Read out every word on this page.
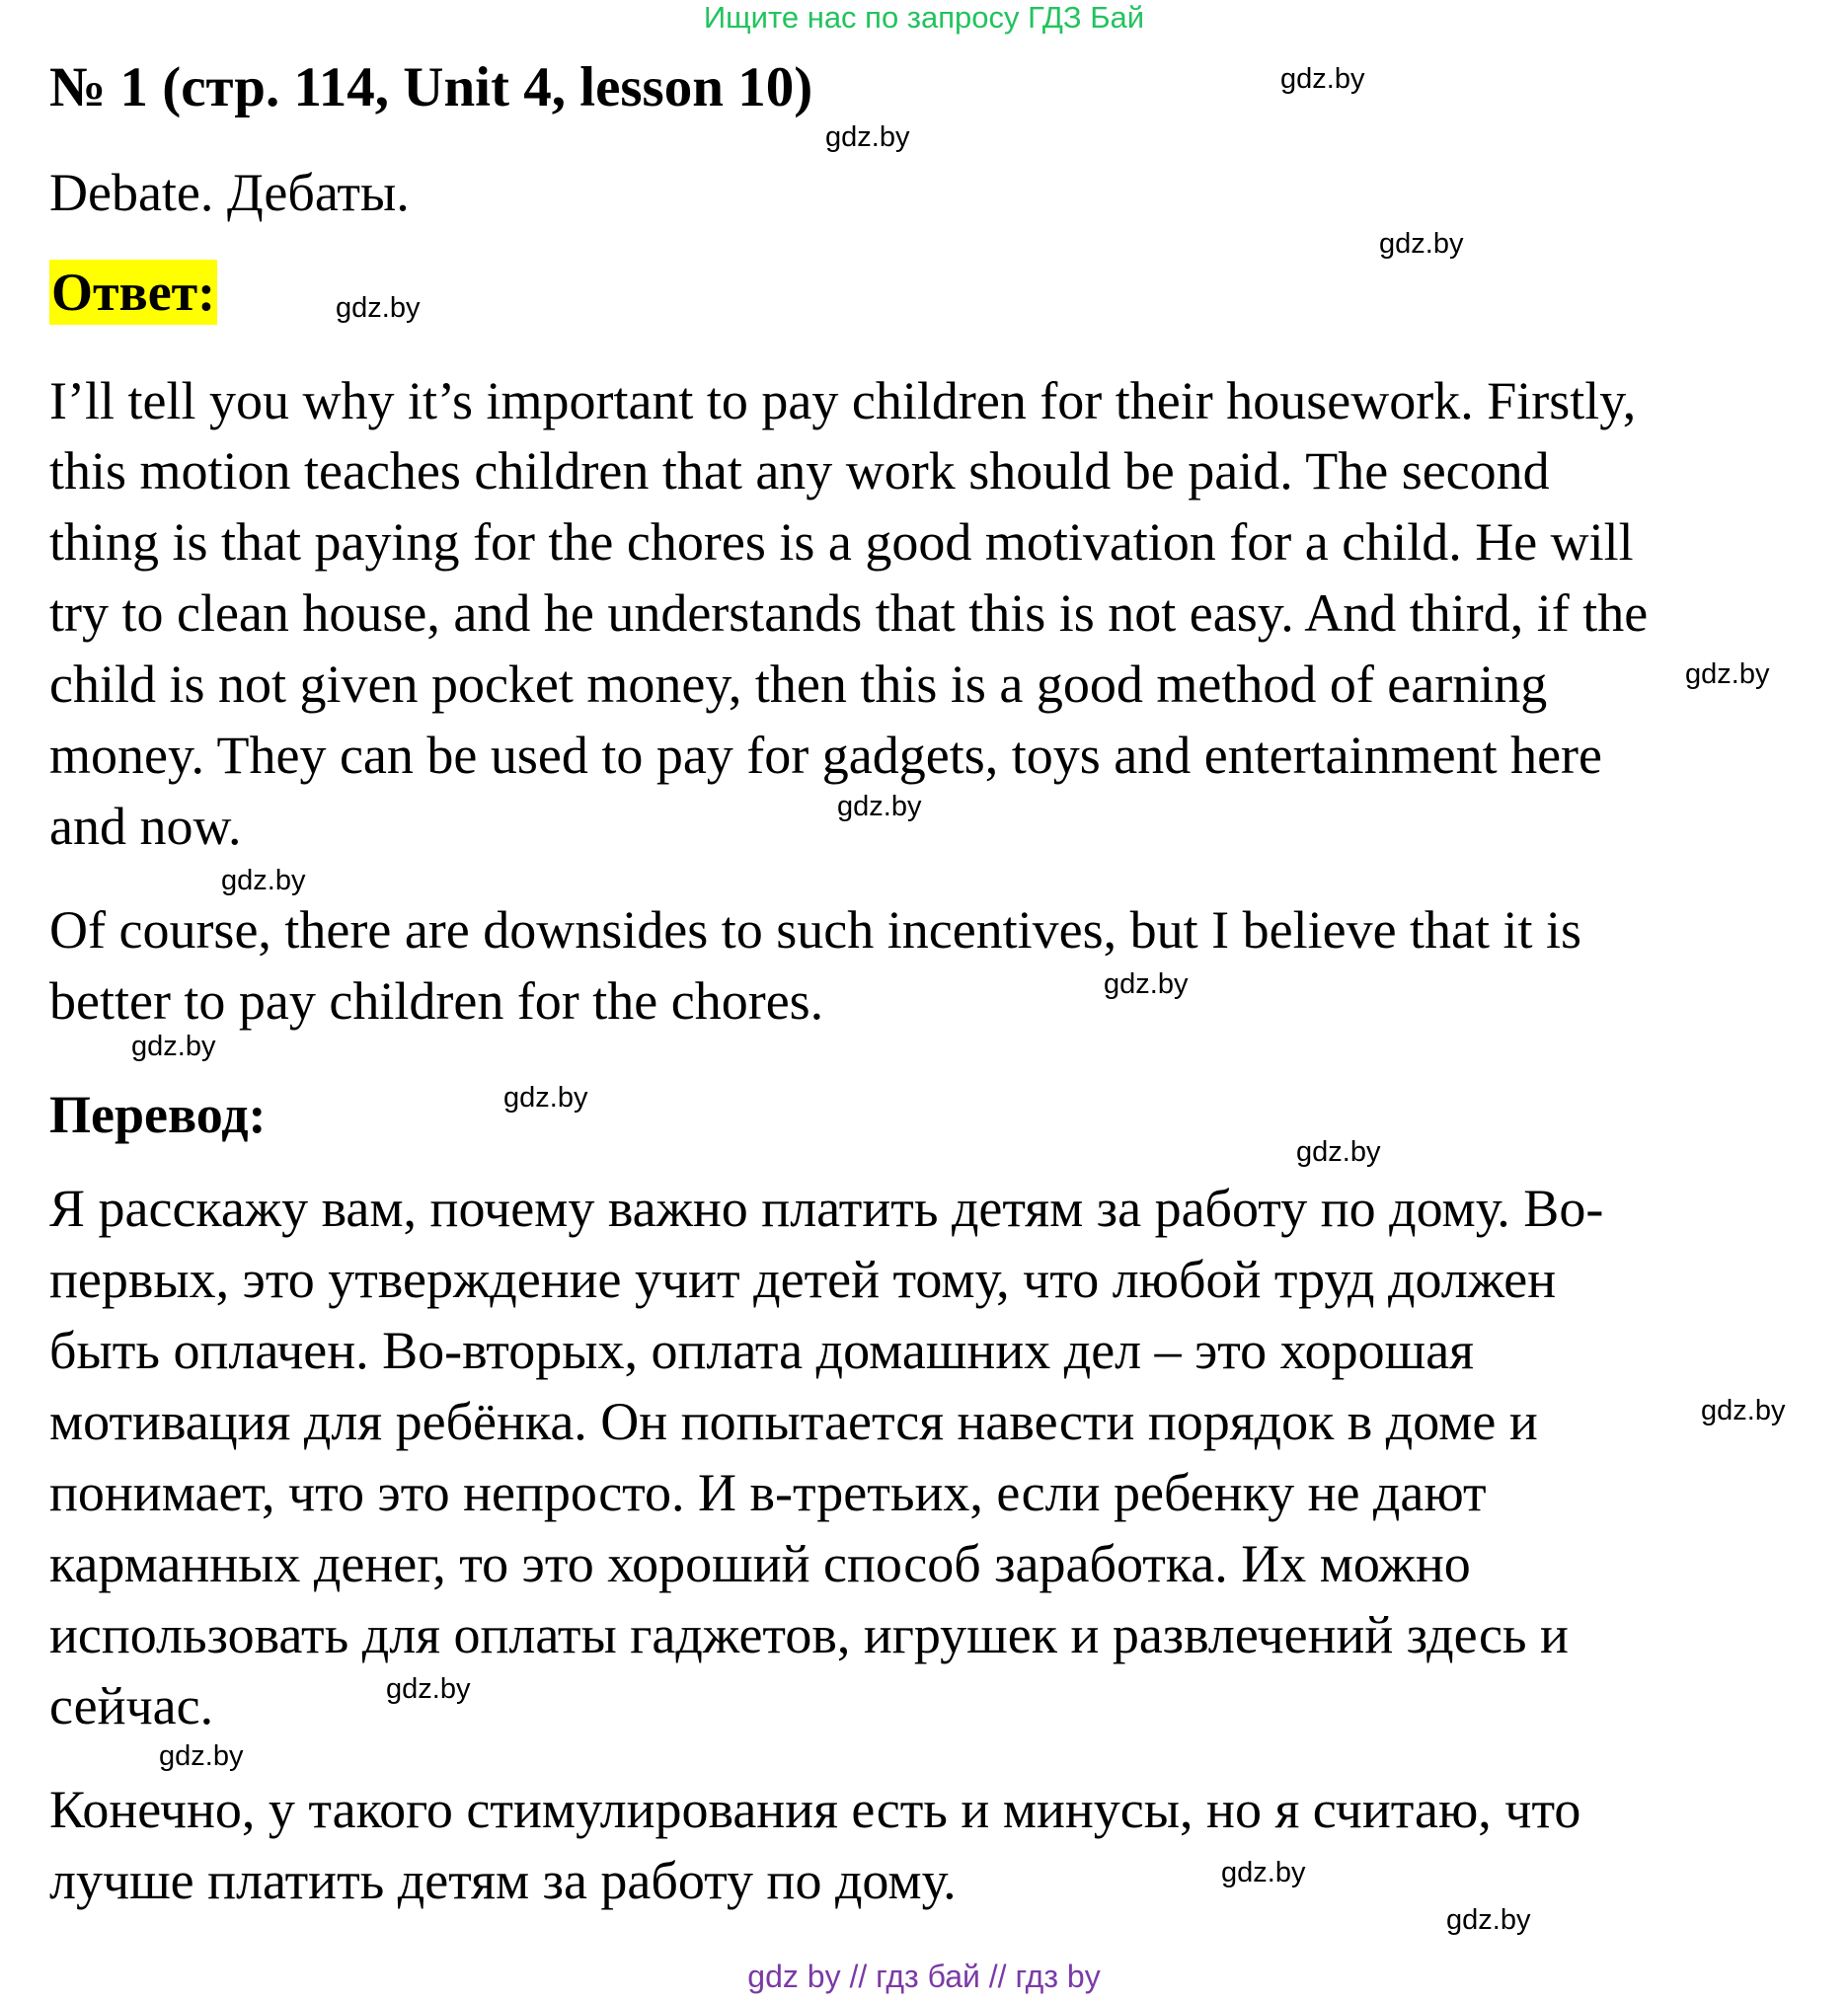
Ищите нас по запросу ГДЗ Бай
№ 1 (стр. 114, Unit 4, lesson 10)
Debate. Дебаты.
Ответ:
I’ll tell you why it’s important to pay children for their housework. Firstly,
this motion teaches children that any work should be paid. The second
thing is that paying for the chores is a good motivation for a child. He will
try to clean house, and he understands that this is not easy. And third, if the
child is not given pocket money, then this is a good method of earning
money. They can be used to pay for gadgets, toys and entertainment here
and now.
Of course, there are downsides to such incentives, but I believe that it is
better to pay children for the chores.
Перевод:
Я расскажу вам, почему важно платить детям за работу по дому. Во-
первых, это утверждение учит детей тому, что любой труд должен
быть оплачен. Во-вторых, оплата домашних дел – это хорошая
мотивация для ребёнка. Он попытается навести порядок в доме и
понимает, что это непросто. И в-третьих, если ребенку не дают
карманных денег, то это хороший способ заработка. Их можно
использовать для оплаты гаджетов, игрушек и развлечений здесь и
сейчас.
Конечно, у такого стимулирования есть и минусы, но я считаю, что
лучше платить детям за работу по дому.
gdz.by
gdz.by
gdz.by
gdz.by
gdz.by
gdz.by
gdz.by
gdz.by
gdz.by
gdz.by
gdz.by
gdz.by
gdz.by
gdz.by
gdz.by
gdz.by
gdz by // гдз бай // гдз by
